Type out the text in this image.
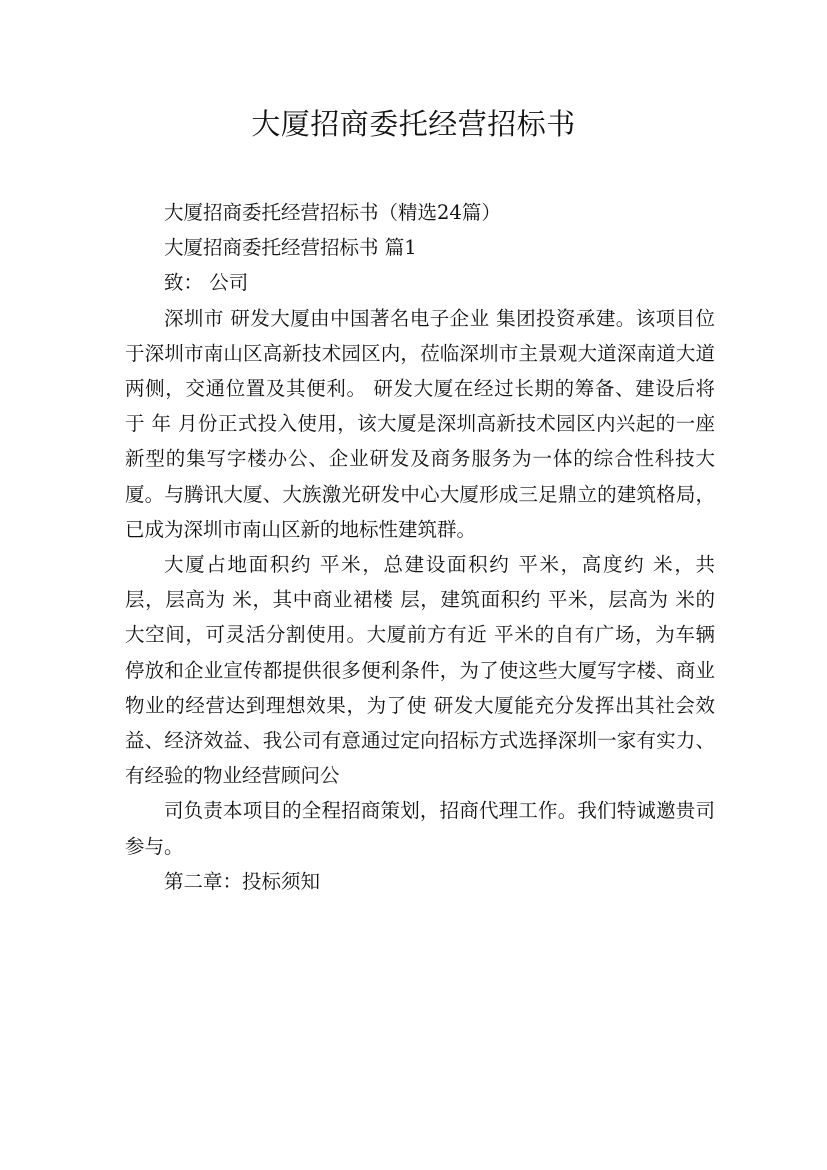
大厦招商委托经营招标书

大厦招商委托经营招标书（精选24篇）

大厦招商委托经营招标书 篇1

致： 公司

深圳市 研发大厦由中国著名电子企业 集团投资承建。该项目位于深圳市南山区高新技术园区内，莅临深圳市主景观大道深南道大道两侧，交通位置及其便利。 研发大厦在经过长期的筹备、建设后将于 年 月份正式投入使用，该大厦是深圳高新技术园区内兴起的一座新型的集写字楼办公、企业研发及商务服务为一体的综合性科技大厦。与腾讯大厦、大族激光研发中心大厦形成三足鼎立的建筑格局，已成为深圳市南山区新的地标性建筑群。

大厦占地面积约 平米，总建设面积约 平米，高度约 米，共 层，层高为 米，其中商业裙楼 层，建筑面积约 平米，层高为 米的大空间，可灵活分割使用。大厦前方有近 平米的自有广场，为车辆停放和企业宣传都提供很多便利条件，为了使这些大厦写字楼、商业物业的经营达到理想效果，为了使 研发大厦能充分发挥出其社会效益、经济效益、我公司有意通过定向招标方式选择深圳一家有实力、有经验的物业经营顾问公

司负责本项目的全程招商策划，招商代理工作。我们特诚邀贵司参与。

第二章：投标须知
